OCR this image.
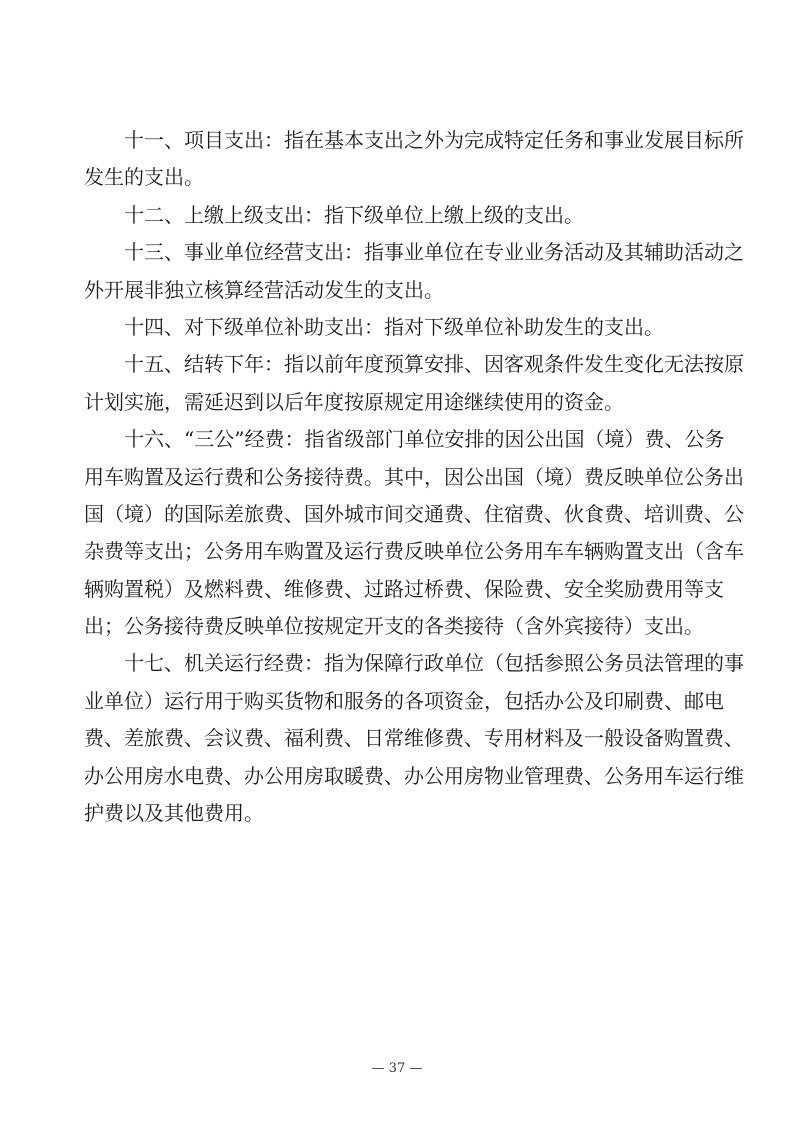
十一、项目支出：指在基本支出之外为完成特定任务和事业发展目标所
发生的支出。
十二、上缴上级支出：指下级单位上缴上级的支出。
十三、事业单位经营支出：指事业单位在专业业务活动及其辅助活动之
外开展非独立核算经营活动发生的支出。
十四、对下级单位补助支出：指对下级单位补助发生的支出。
十五、结转下年：指以前年度预算安排、因客观条件发生变化无法按原
计划实施，需延迟到以后年度按原规定用途继续使用的资金。
十六、“三公”经费：指省级部门单位安排的因公出国（境）费、公务
用车购置及运行费和公务接待费。其中，因公出国（境）费反映单位公务出
国（境）的国际差旅费、国外城市间交通费、住宿费、伙食费、培训费、公
杂费等支出；公务用车购置及运行费反映单位公务用车车辆购置支出（含车
辆购置税）及燃料费、维修费、过路过桥费、保险费、安全奖励费用等支
出；公务接待费反映单位按规定开支的各类接待（含外宾接待）支出。
十七、机关运行经费：指为保障行政单位（包括参照公务员法管理的事
业单位）运行用于购买货物和服务的各项资金，包括办公及印刷费、邮电
费、差旅费、会议费、福利费、日常维修费、专用材料及一般设备购置费、
办公用房水电费、办公用房取暖费、办公用房物业管理费、公务用车运行维
护费以及其他费用。
— 37 —
